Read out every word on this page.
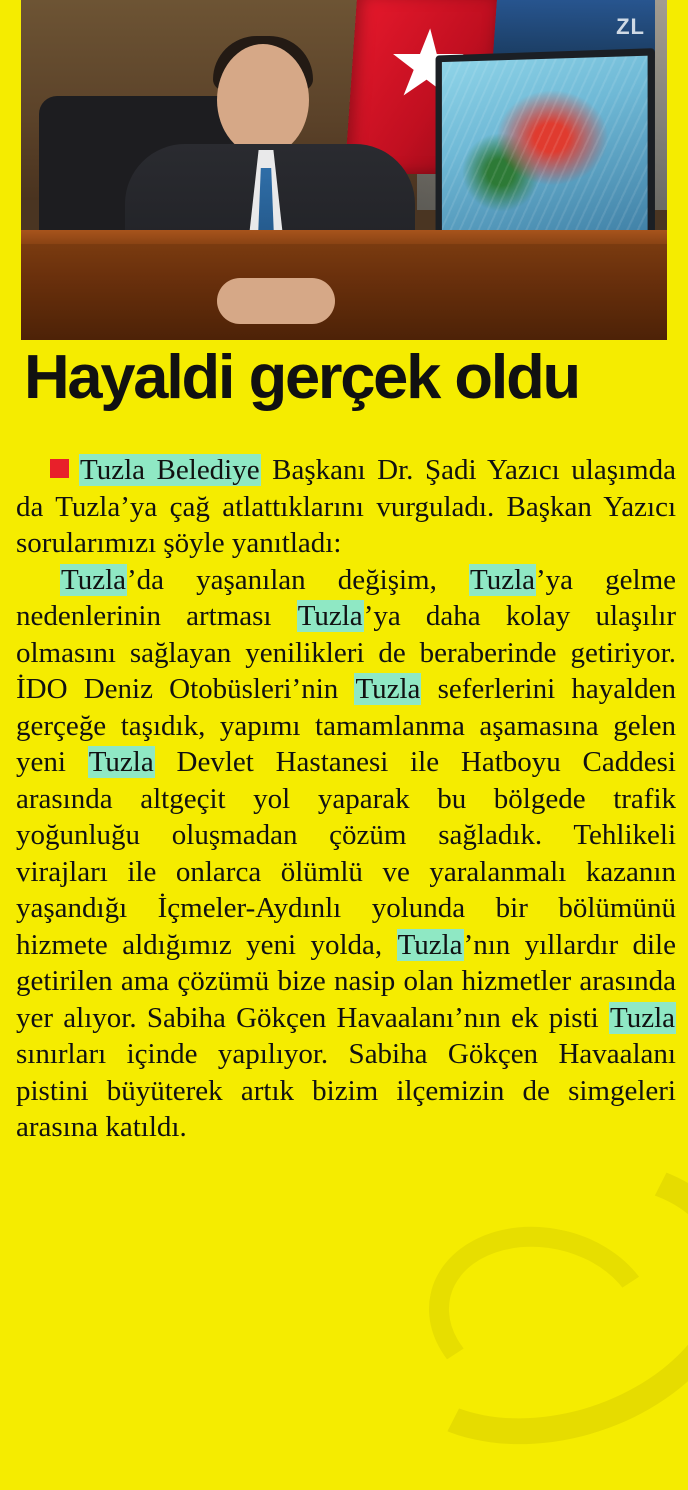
ZL
Hayaldi gerçek oldu

Tuzla Belediye Başkanı Dr. Şadi Yazıcı ulaşımda da Tuzla’ya çağ atlattıklarını vurguladı. Başkan Yazıcı sorularımızı şöyle yanıtladı:

Tuzla’da yaşanılan değişim, Tuzla’ya gelme nedenlerinin artması Tuzla’ya daha kolay ulaşılır olmasını sağlayan yenilikleri de beraberinde getiriyor. İDO Deniz Otobüsleri’nin Tuzla seferlerini hayalden gerçeğe taşıdık, yapımı tamamlanma aşamasına gelen yeni Tuzla Devlet Hastanesi ile Hatboyu Caddesi arasında altgeçit yol yaparak bu bölgede trafik yoğunluğu oluşmadan çözüm sağladık. Tehlikeli virajları ile onlarca ölümlü ve yaralanmalı kazanın yaşandığı İçmeler-Aydınlı yolunda bir bölümünü hizmete aldığımız yeni yolda, Tuzla’nın yıllardır dile getirilen ama çözümü bize nasip olan hizmetler arasında yer alıyor. Sabiha Gökçen Havaalanı’nın ek pisti Tuzla sınırları içinde yapılıyor. Sabiha Gökçen Havaalanı pistini büyüterek artık bizim ilçemizin de simgeleri arasına katıldı.
